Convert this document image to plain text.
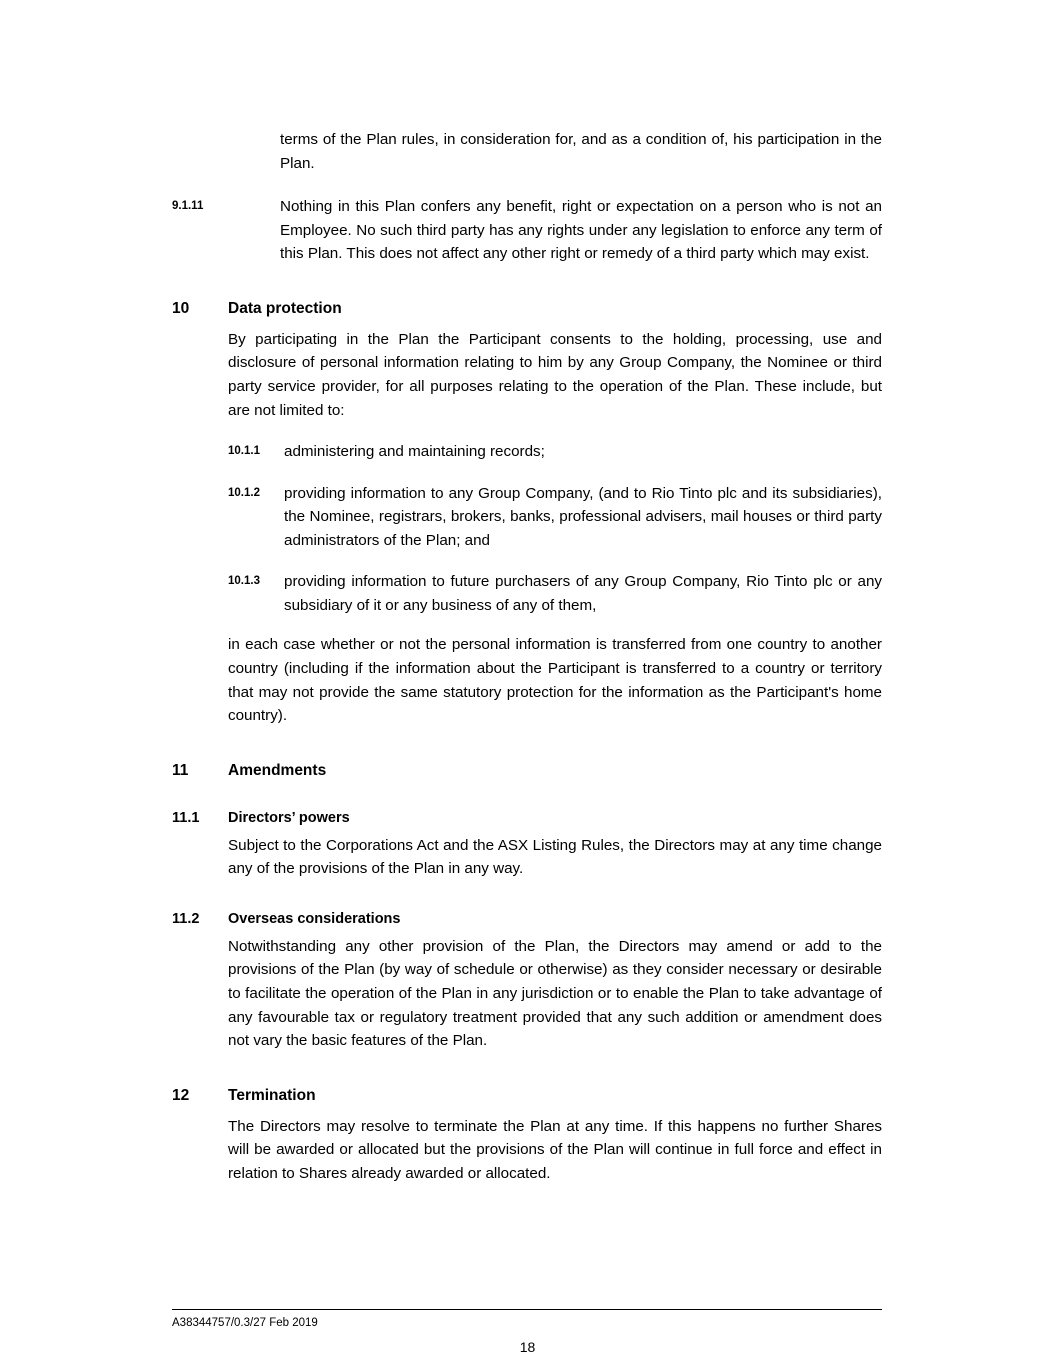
terms of the Plan rules, in consideration for, and as a condition of, his participation in the Plan.

9.1.11	Nothing in this Plan confers any benefit, right or expectation on a person who is not an Employee. No such third party has any rights under any legislation to enforce any term of this Plan. This does not affect any other right or remedy of a third party which may exist.
10	Data protection

By participating in the Plan the Participant consents to the holding, processing, use and disclosure of personal information relating to him by any Group Company, the Nominee or third party service provider, for all purposes relating to the operation of the Plan. These include, but are not limited to:

10.1.1	administering and maintaining records;
10.1.2	providing information to any Group Company, (and to Rio Tinto plc and its subsidiaries), the Nominee, registrars, brokers, banks, professional advisers, mail houses or third party administrators of the Plan; and
10.1.3	providing information to future purchasers of any Group Company, Rio Tinto plc or any subsidiary of it or any business of any of them,

in each case whether or not the personal information is transferred from one country to another country (including if the information about the Participant is transferred to a country or territory that may not provide the same statutory protection for the information as the Participant's home country).

11	Amendments
11.1	Directors’ powers

Subject to the Corporations Act and the ASX Listing Rules, the Directors may at any time change any of the provisions of the Plan in any way.

11.2	Overseas considerations

Notwithstanding any other provision of the Plan, the Directors may amend or add to the provisions of the Plan (by way of schedule or otherwise) as they consider necessary or desirable to facilitate the operation of the Plan in any jurisdiction or to enable the Plan to take advantage of any favourable tax or regulatory treatment provided that any such addition or amendment does not vary the basic features of the Plan.

12	Termination

The Directors may resolve to terminate the Plan at any time. If this happens no further Shares will be awarded or allocated but the provisions of the Plan will continue in full force and effect in relation to Shares already awarded or allocated.

A38344757/0.3/27 Feb 2019
18
